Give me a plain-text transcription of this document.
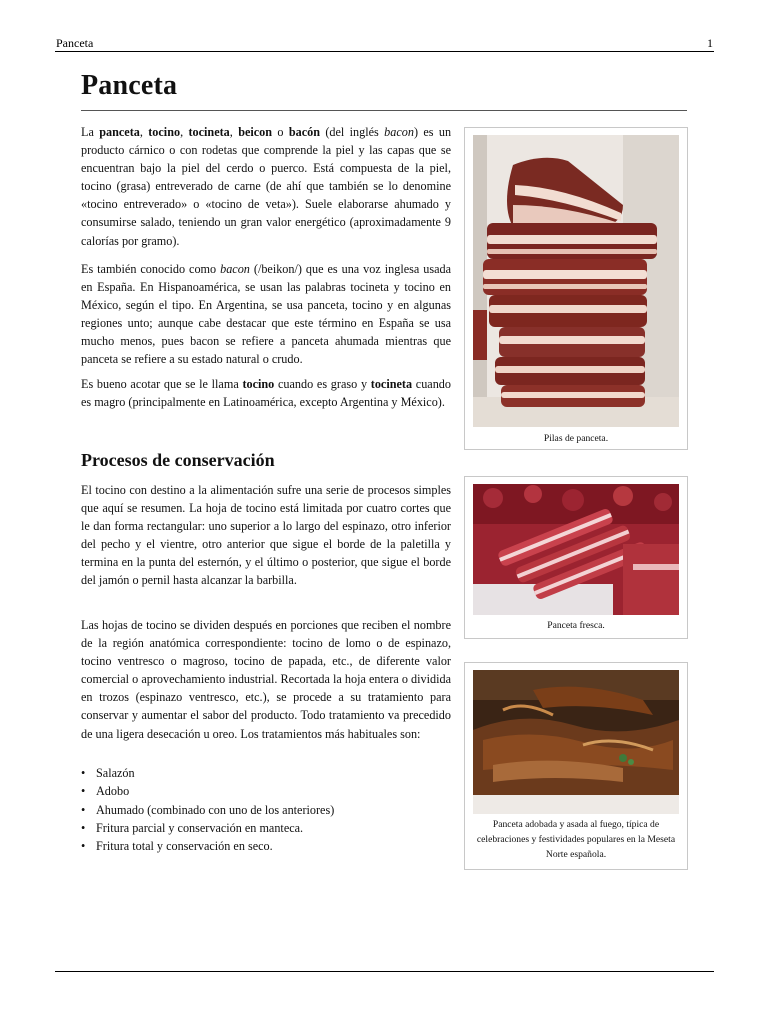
Panceta	1
Panceta

La panceta, tocino, tocineta, beicon o bacón (del inglés bacon) es un producto cárnico o con rodetas que comprende la piel y las capas que se encuentran bajo la piel del cerdo o puerco. Está compuesta de la piel, tocino (grasa) entreverado de carne (de ahí que también se lo denomine «tocino entreverado» o «tocino de veta»). Suele elaborarse ahumado y consumirse salado, teniendo un gran valor energético (aproximadamente 9 calorías por gramo).

Es también conocido como bacon (/beikon/) que es una voz inglesa usada en España. En Hispanoamérica, se usan las palabras tocineta y tocino en México, según el tipo. En Argentina, se usa panceta, tocino y en algunas regiones unto; aunque cabe destacar que este término en España se usa mucho menos, pues bacon se refiere a panceta ahumada mientras que panceta se refiere a su estado natural o crudo.

Es bueno acotar que se le llama tocino cuando es graso y tocineta cuando es magro (principalmente en Latinoamérica, excepto Argentina y México).

Procesos de conservación

El tocino con destino a la alimentación sufre una serie de procesos simples que aquí se resumen. La hoja de tocino está limitada por cuatro cortes que le dan forma rectangular: uno superior a lo largo del espinazo, otro inferior del pecho y el vientre, otro anterior que sigue el borde de la paletilla y termina en la punta del esternón, y el último o posterior, que sigue el borde del jamón o pernil hasta alcanzar la barbilla.

Las hojas de tocino se dividen después en porciones que reciben el nombre de la región anatómica correspondiente: tocino de lomo o de espinazo, tocino ventresco o magroso, tocino de papada, etc., de diferente valor comercial o aprovechamiento industrial. Recortada la hoja entera o dividida en trozos (espinazo ventresco, etc.), se procede a su tratamiento para conservar y aumentar el sabor del producto. Todo tratamiento va precedido de una ligera desecación u oreo. Los tratamientos más habituales son:

• Salazón
• Adobo
• Ahumado (combinado con uno de los anteriores)
• Fritura parcial y conservación en manteca.
• Fritura total y conservación en seco.
Pilas de panceta.
Panceta fresca.
Panceta adobada y asada al fuego, típica de celebraciones y festividades populares en la Meseta Norte española.
